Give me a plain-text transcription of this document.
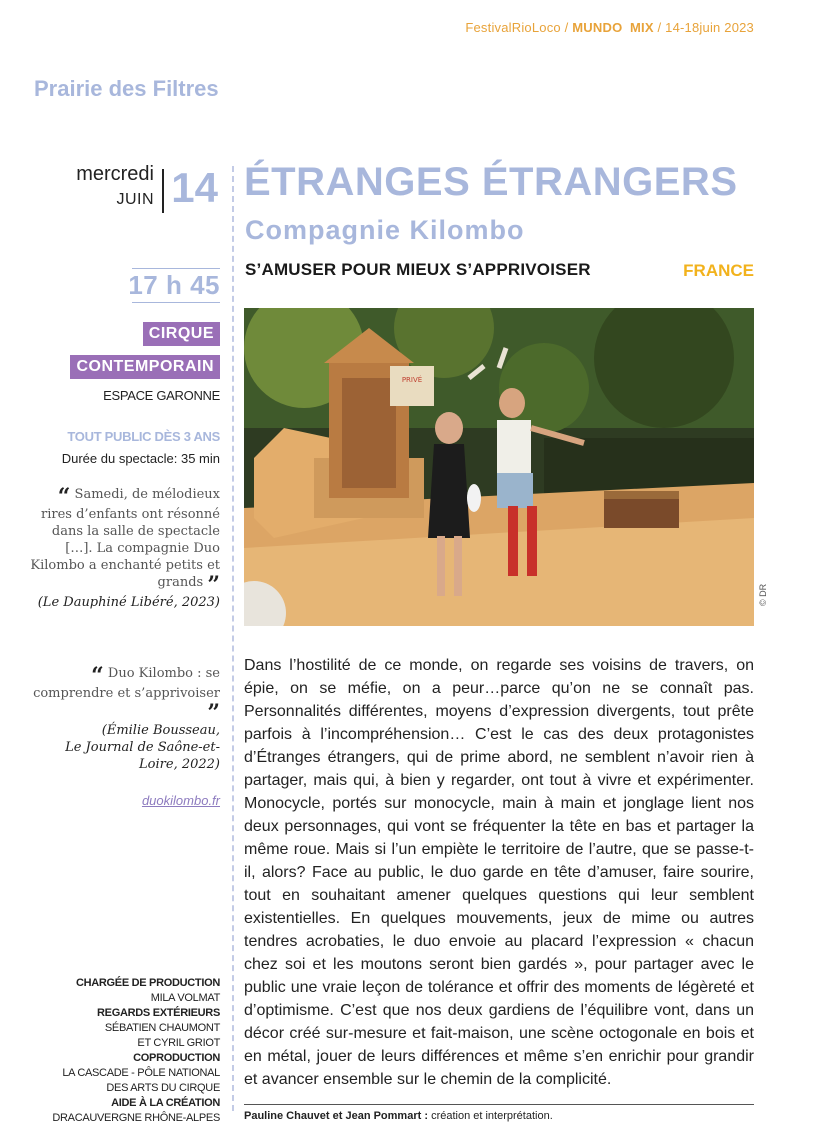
FestivalRioLoco / MUNDO MIX / 14-18juin 2023
Prairie des Filtres
mercredi
JUIN 14
17 h 45
CIRQUE
CONTEMPORAIN
ESPACE GARONNE
TOUT PUBLIC DÈS 3 ANS
Durée du spectacle: 35 min
“ Samedi, de mélodieux rires d’enfants ont résonné dans la salle de spectacle […]. La compagnie Duo Kilombo a enchanté petits et grands ”
(Le Dauphiné Libéré, 2023)
“ Duo Kilombo : se comprendre et s’apprivoiser ”
(Émilie Bousseau,
Le Journal de Saône-et-Loire, 2022)
duokilombo.fr
CHARGÉE DE PRODUCTION
MILA VOLMAT
REGARDS EXTÉRIEURS
SÉBATIEN CHAUMONT
ET CYRIL GRIOT
COPRODUCTION
LA CASCADE - PÔLE NATIONAL
DES ARTS DU CIRQUE
AIDE À LA CRÉATION
DRACAUVERGNE RHÔNE-ALPES
ÉTRANGES ÉTRANGERS
Compagnie Kilombo
S’AMUSER POUR MIEUX S’APPRIVOISER	FRANCE
PRIVÉ
© DR
Dans l’hostilité de ce monde, on regarde ses voisins de travers, on épie, on se méfie, on a peur…parce qu’on ne se connaît pas. Personnalités différentes, moyens d’expression divergents, tout prête parfois à l’incompréhension… C’est le cas des deux protagonistes d’Étranges étrangers, qui de prime abord, ne semblent n’avoir rien à partager, mais qui, à bien y regarder, ont tout à vivre et expérimenter. Monocycle, portés sur monocycle, main à main et jonglage lient nos deux personnages, qui vont se fréquenter la tête en bas et partager la même roue. Mais si l’un empiète le territoire de l’autre, que se passe-t-il, alors? Face au public, le duo garde en tête d’amuser, faire sourire, tout en souhaitant amener quelques questions qui leur semblent existentielles. En quelques mouvements, jeux de mime ou autres tendres acrobaties, le duo envoie au placard l’expression « chacun chez soi et les moutons seront bien gardés », pour partager avec le public une vraie leçon de tolérance et offrir des moments de légèreté et d’optimisme. C’est que nos deux gardiens de l’équilibre vont, dans un décor créé sur-mesure et fait-maison, une scène octogonale en bois et en métal, jouer de leurs différences et même s’en enrichir pour grandir et avancer ensemble sur le chemin de la complicité.
Pauline Chauvet et Jean Pommart : création et interprétation.
